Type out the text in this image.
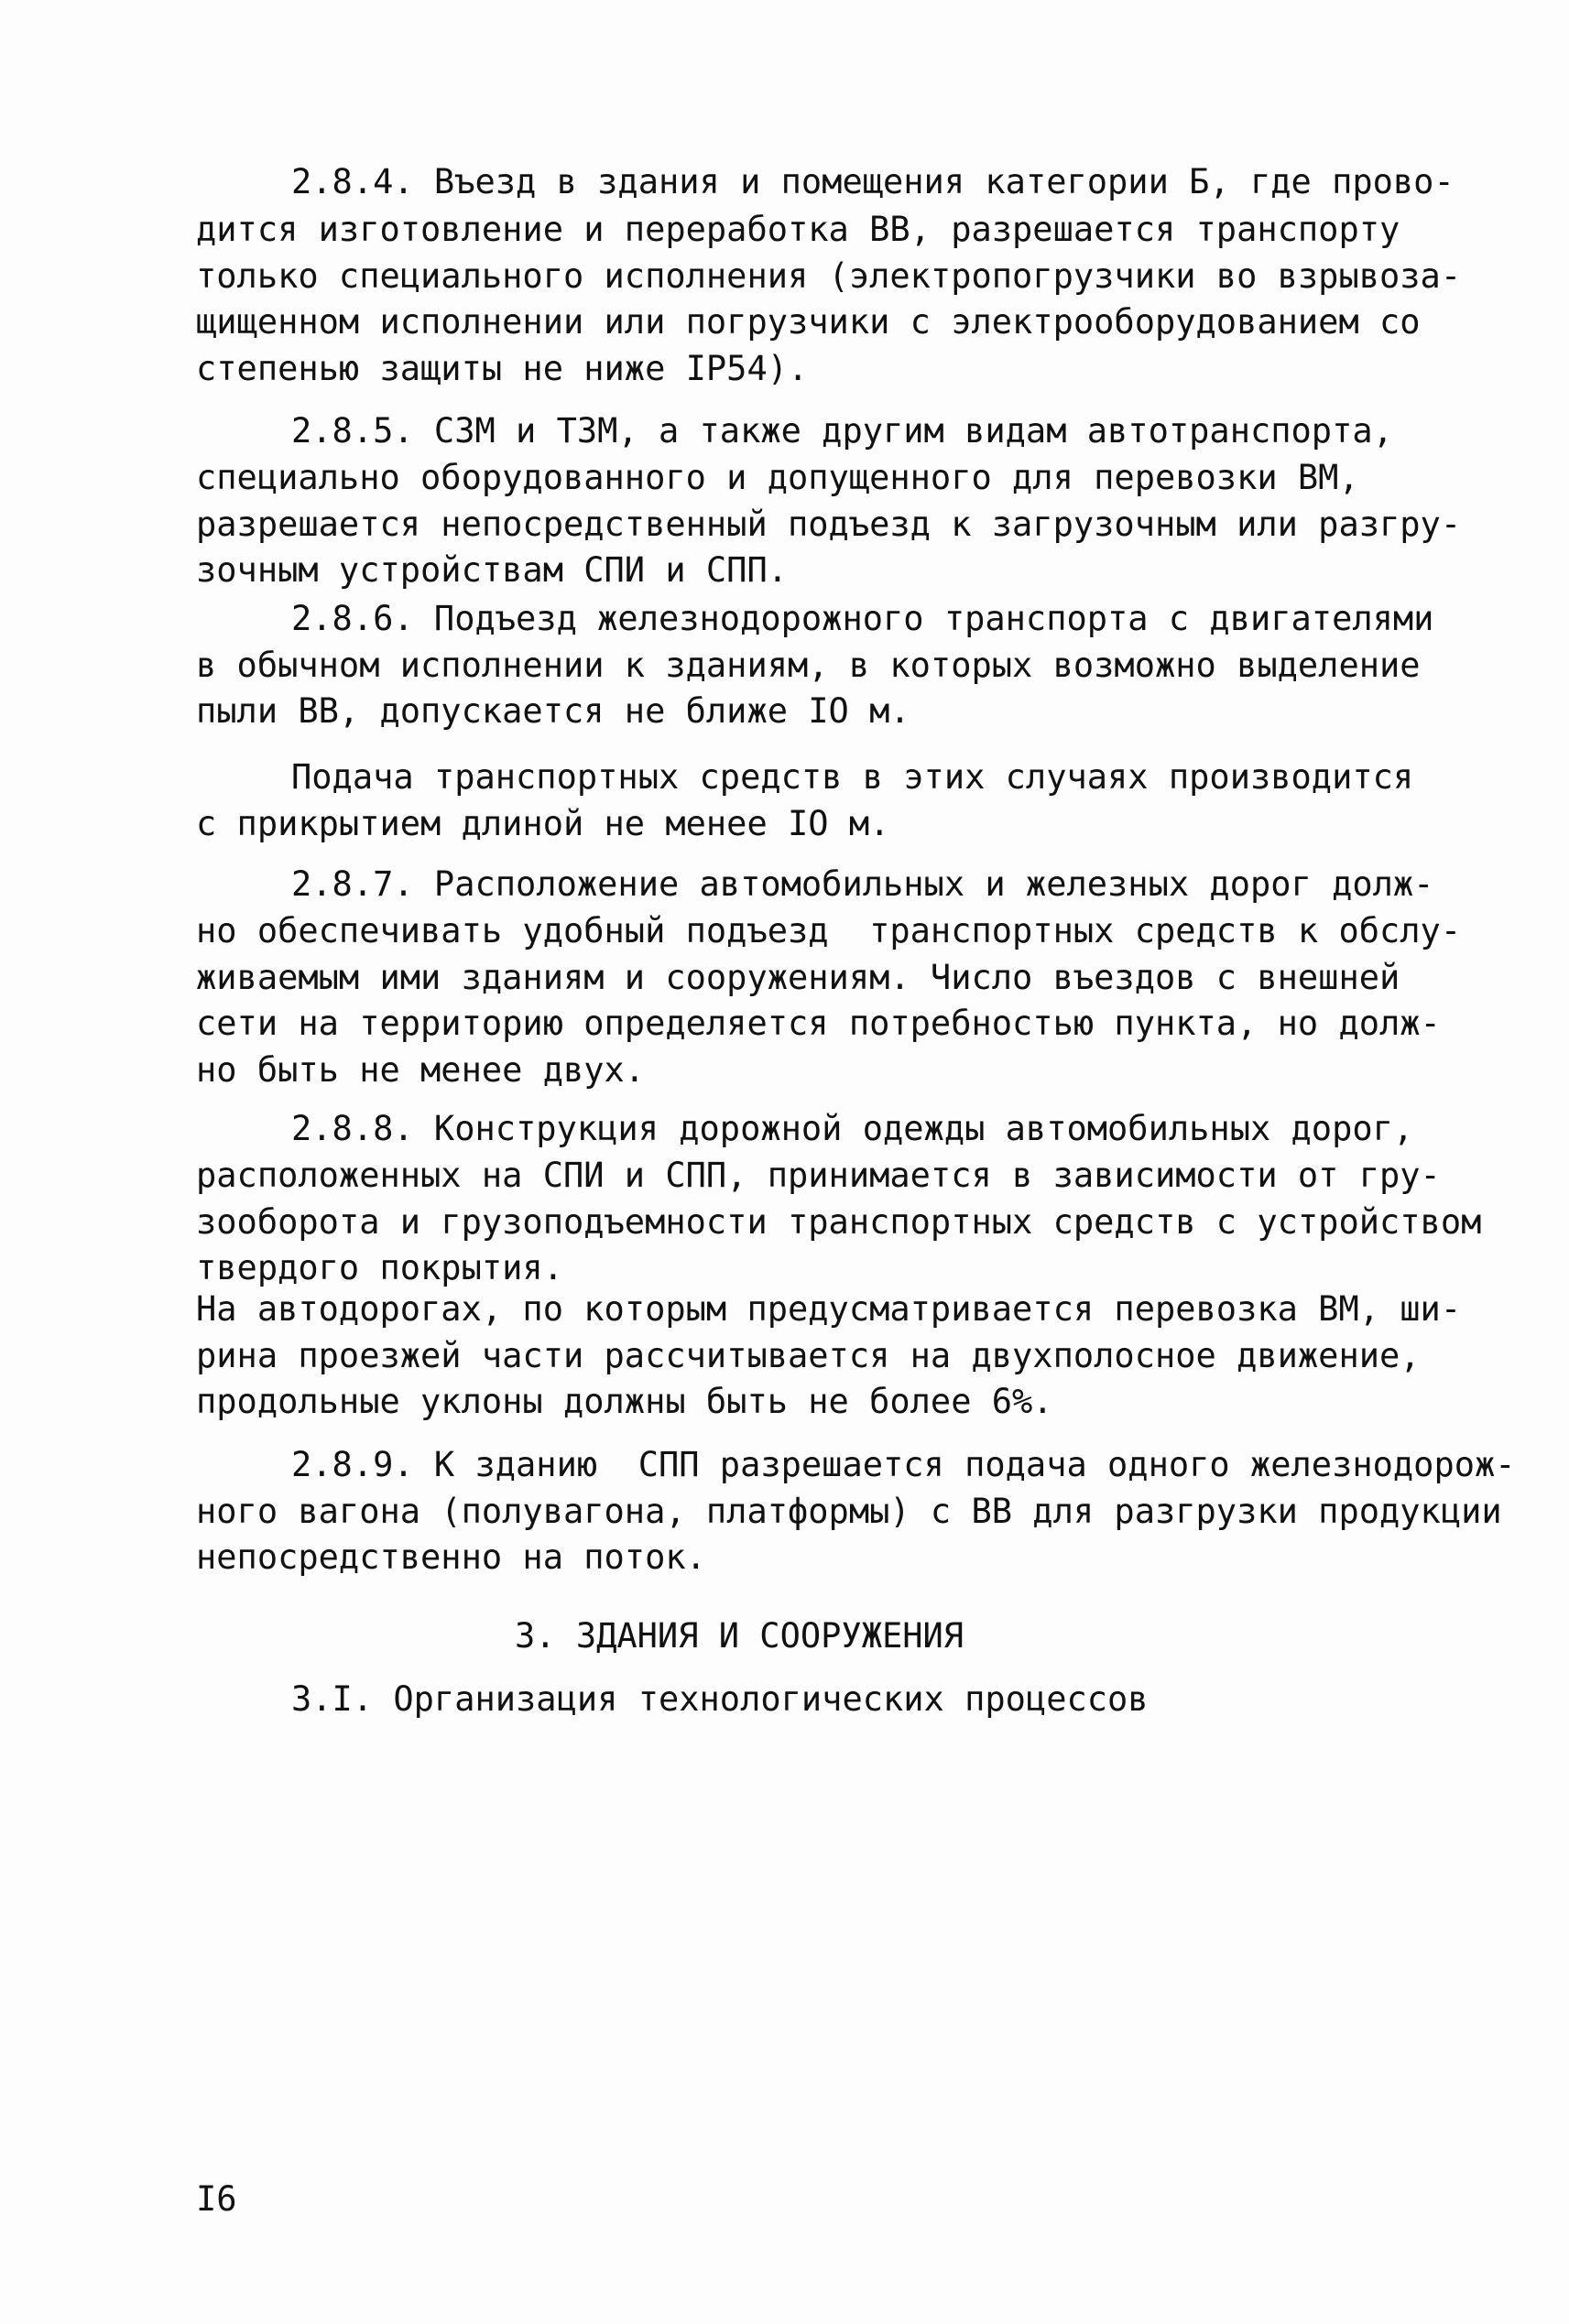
2.8.4. Въезд в здания и помещения категории Б, где прово-

дится изготовление и переработка ВВ, разрешается транспорту

только специального исполнения (электропогрузчики во взрывоза-

щищенном исполнении или погрузчики с электрооборудованием со

степенью защиты не ниже IP54).

2.8.5. СЗМ и ТЗМ, а также другим видам автотранспорта,

специально оборудованного и допущенного для перевозки ВМ,

разрешается непосредственный подъезд к загрузочным или разгру-

зочным устройствам СПИ и СПП.

2.8.6. Подъезд железнодорожного транспорта с двигателями

в обычном исполнении к зданиям, в которых возможно выделение

пыли ВВ, допускается не ближе IO м.

Подача транспортных средств в этих случаях производится

с прикрытием длиной не менее IO м.

2.8.7. Расположение автомобильных и железных дорог долж-

но обеспечивать удобный подъезд  транспортных средств к обслу-

живаемым ими зданиям и сооружениям. Число въездов с внешней

сети на территорию определяется потребностью пункта, но долж-

но быть не менее двух.

2.8.8. Конструкция дорожной одежды автомобильных дорог,

расположенных на СПИ и СПП, принимается в зависимости от гру-

зооборота и грузоподъемности транспортных средств с устройством

твердого покрытия.

На автодорогах, по которым предусматривается перевозка ВМ, ши-

рина проезжей части рассчитывается на двухполосное движение,

продольные уклоны должны быть не более 6%.

2.8.9. К зданию  СПП разрешается подача одного железнодорож-

ного вагона (полувагона, платформы) с ВВ для разгрузки продукции

непосредственно на поток.

3. ЗДАНИЯ И СООРУЖЕНИЯ

3.I. Организация технологических процессов

I6
